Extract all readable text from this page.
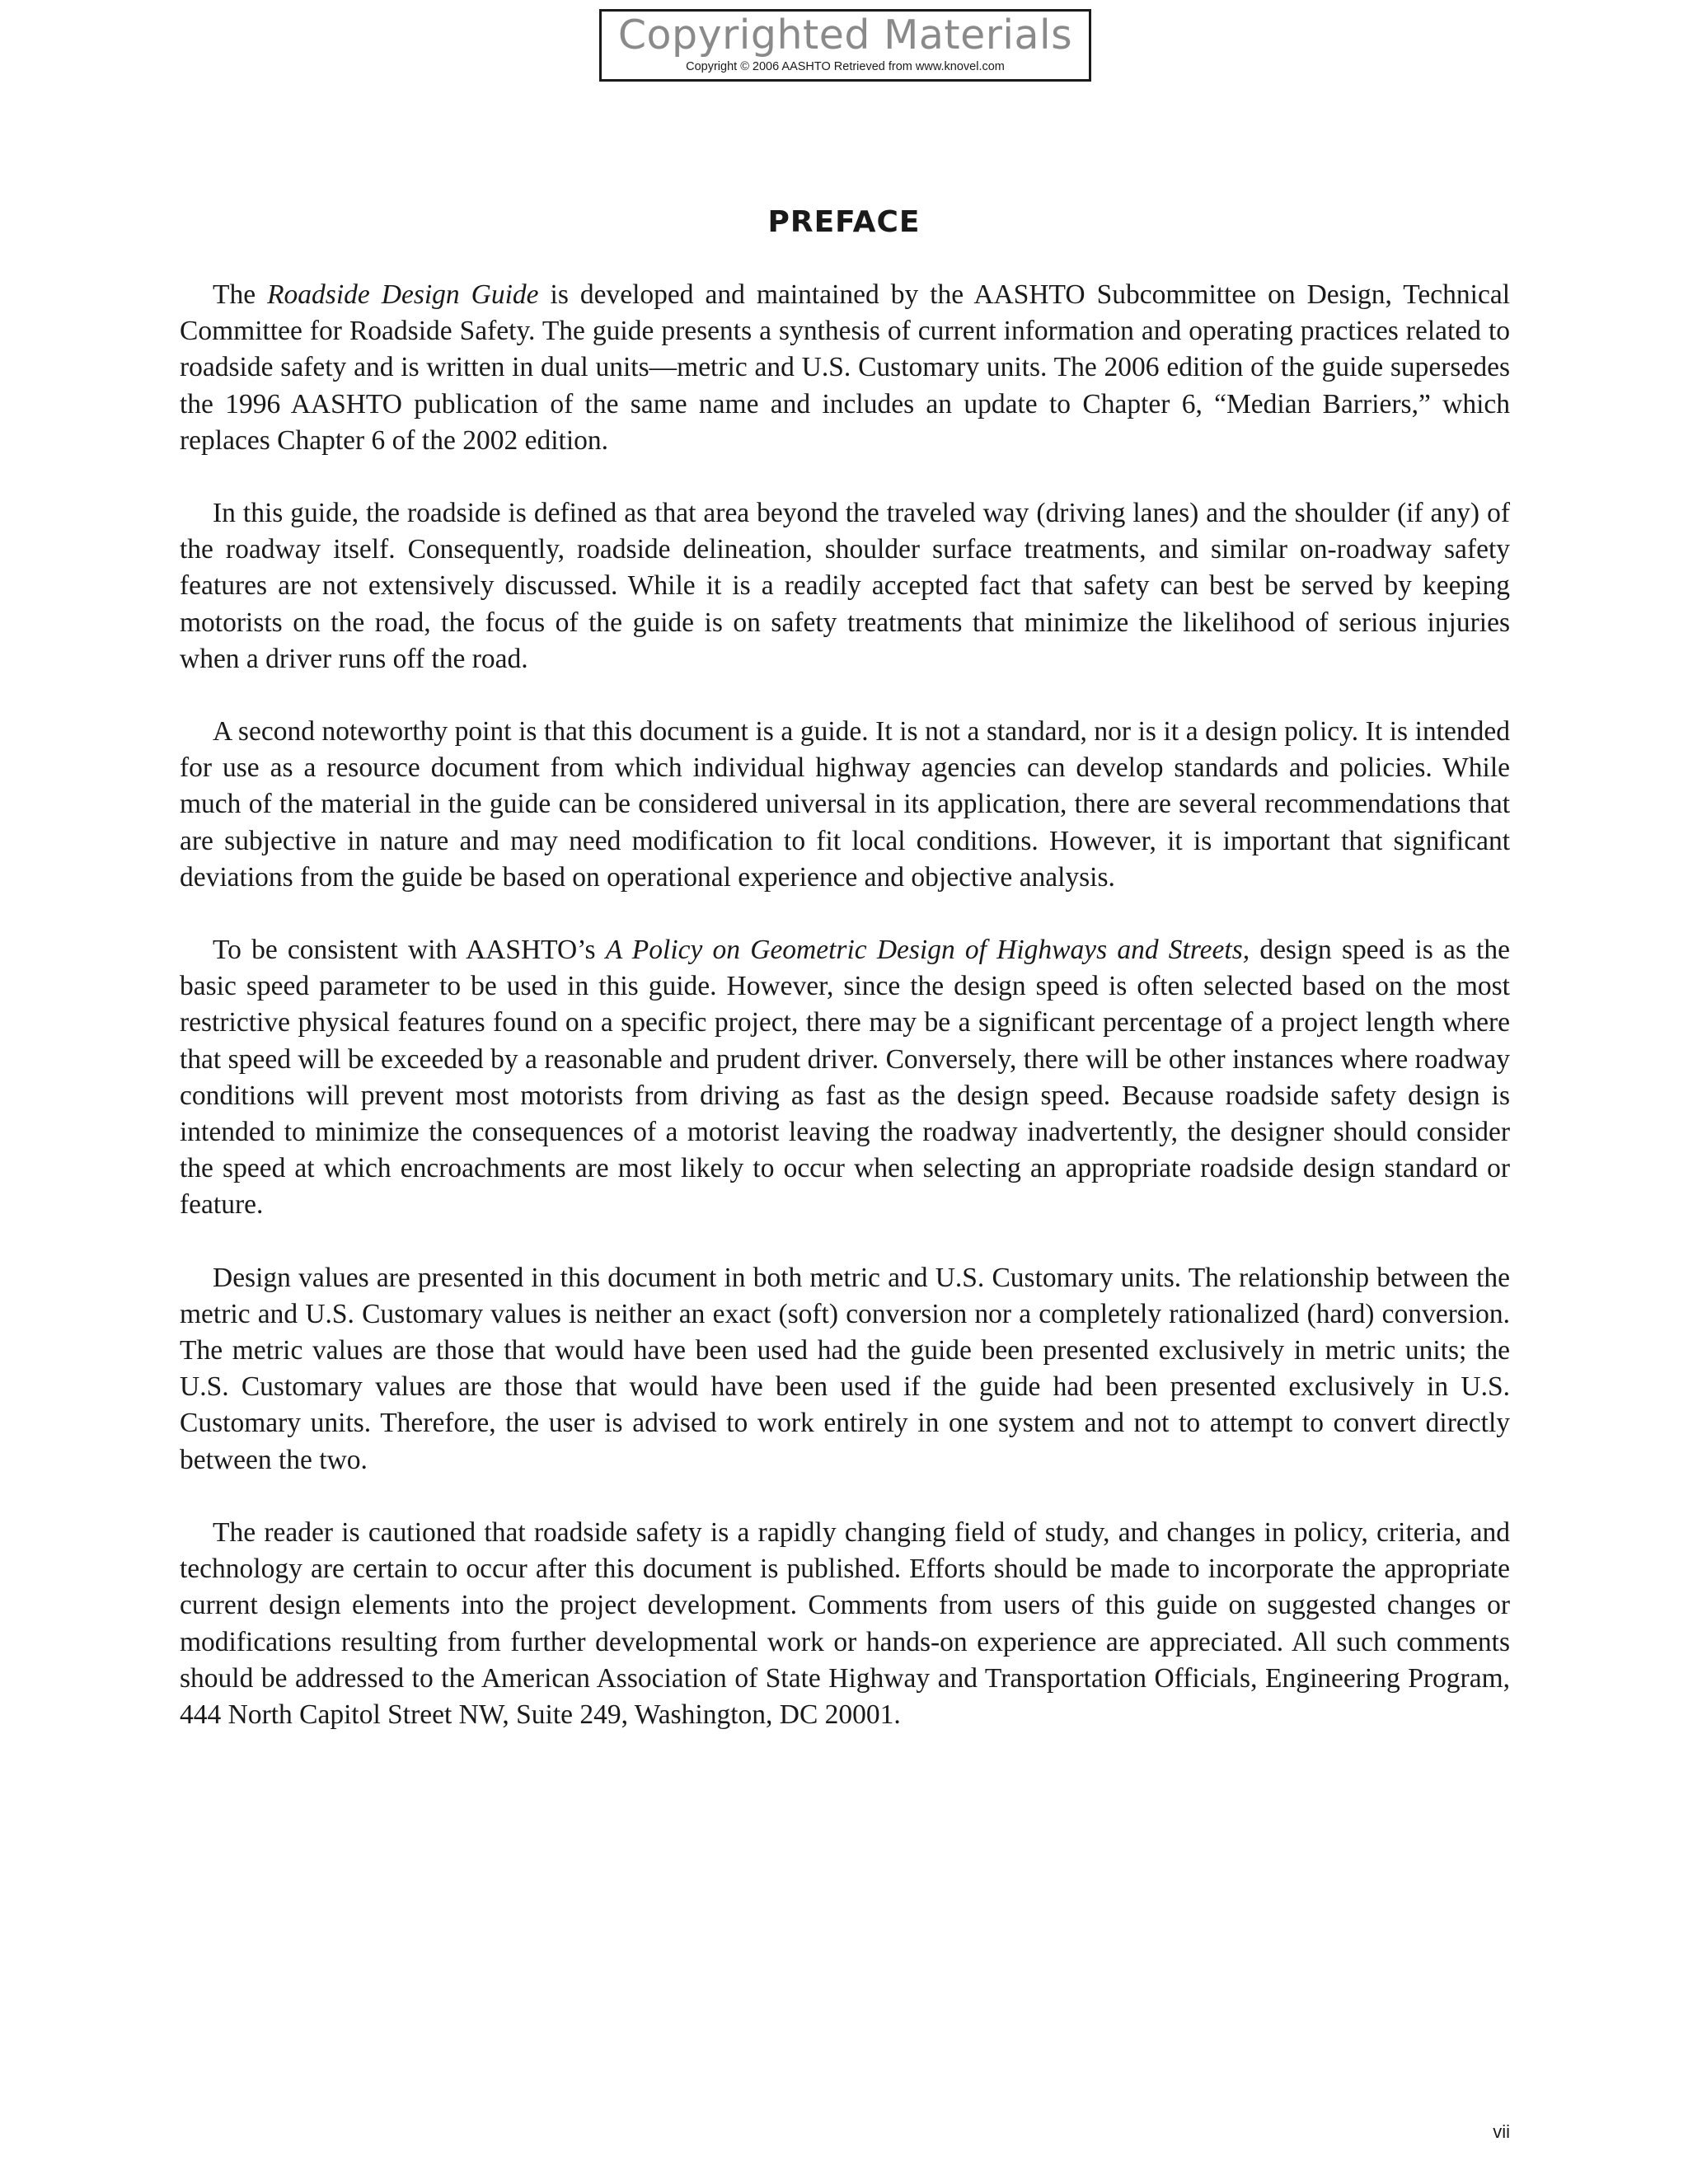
Copyrighted Materials
Copyright © 2006 AASHTO Retrieved from www.knovel.com
PREFACE

The Roadside Design Guide is developed and maintained by the AASHTO Subcommittee on Design, Technical Committee for Roadside Safety. The guide presents a synthesis of current information and operating practices related to roadside safety and is written in dual units—metric and U.S. Customary units. The 2006 edition of the guide supersedes the 1996 AASHTO publication of the same name and includes an update to Chapter 6, “Median Barriers,” which replaces Chapter 6 of the 2002 edition.

In this guide, the roadside is defined as that area beyond the traveled way (driving lanes) and the shoulder (if any) of the roadway itself. Consequently, roadside delineation, shoulder surface treatments, and similar on-roadway safety features are not extensively discussed. While it is a readily accepted fact that safety can best be served by keeping motorists on the road, the focus of the guide is on safety treatments that minimize the likelihood of serious injuries when a driver runs off the road.

A second noteworthy point is that this document is a guide. It is not a standard, nor is it a design policy. It is intended for use as a resource document from which individual highway agencies can develop standards and policies. While much of the material in the guide can be considered universal in its application, there are several recommendations that are subjective in nature and may need modification to fit local conditions. However, it is important that significant deviations from the guide be based on operational experience and objective analysis.

To be consistent with AASHTO’s A Policy on Geometric Design of Highways and Streets, design speed is as the basic speed parameter to be used in this guide. However, since the design speed is often selected based on the most restrictive physical features found on a specific project, there may be a significant percentage of a project length where that speed will be exceeded by a reasonable and prudent driver. Conversely, there will be other instances where roadway conditions will prevent most motorists from driving as fast as the design speed. Because roadside safety design is intended to minimize the consequences of a motorist leaving the roadway inadvertently, the designer should consider the speed at which encroachments are most likely to occur when selecting an appropriate roadside design standard or feature.

Design values are presented in this document in both metric and U.S. Customary units. The relationship between the metric and U.S. Customary values is neither an exact (soft) conversion nor a completely rationalized (hard) conversion. The metric values are those that would have been used had the guide been presented exclusively in metric units; the U.S. Customary values are those that would have been used if the guide had been presented exclusively in U.S. Customary units. Therefore, the user is advised to work entirely in one system and not to attempt to convert directly between the two.

The reader is cautioned that roadside safety is a rapidly changing field of study, and changes in policy, criteria, and technology are certain to occur after this document is published. Efforts should be made to incorporate the appropriate current design elements into the project development. Comments from users of this guide on suggested changes or modifications resulting from further developmental work or hands-on experience are appreciated. All such comments should be addressed to the American Association of State Highway and Transportation Officials, Engineering Program, 444 North Capitol Street NW, Suite 249, Washington, DC 20001.

vii
